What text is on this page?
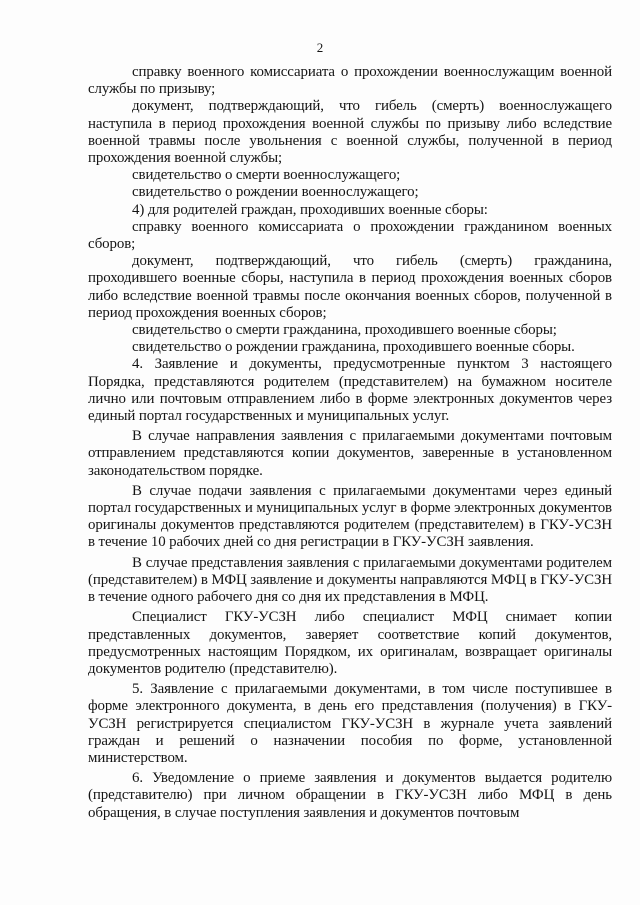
2

справку военного комиссариата о прохождении военнослужащим военной службы по призыву;

документ, подтверждающий, что гибель (смерть) военнослужащего наступила в период прохождения военной службы по призыву либо вследствие военной травмы после увольнения с военной службы, полученной в период прохождения военной службы;

свидетельство о смерти военнослужащего;

свидетельство о рождении военнослужащего;

4) для родителей граждан, проходивших военные сборы:

справку военного комиссариата о прохождении гражданином военных сборов;

документ, подтверждающий, что гибель (смерть) гражданина, проходившего военные сборы, наступила в период прохождения военных сборов либо вследствие военной травмы после окончания военных сборов, полученной в период прохождения военных сборов;

свидетельство о смерти гражданина, проходившего военные сборы;

свидетельство о рождении гражданина, проходившего военные сборы.

4. Заявление и документы, предусмотренные пунктом 3 настоящего Порядка, представляются родителем (представителем) на бумажном носителе лично или почтовым отправлением либо в форме электронных документов через единый портал государственных и муниципальных услуг.

В случае направления заявления с прилагаемыми документами почтовым отправлением представляются копии документов, заверенные в установленном законодательством порядке.

В случае подачи заявления с прилагаемыми документами через единый портал государственных и муниципальных услуг в форме электронных документов оригиналы документов представляются родителем (представителем) в ГКУ-УСЗН в течение 10 рабочих дней со дня регистрации в ГКУ-УСЗН заявления.

В случае представления заявления с прилагаемыми документами родителем (представителем) в МФЦ заявление и документы направляются МФЦ в ГКУ-УСЗН в течение одного рабочего дня со дня их представления в МФЦ.

Специалист ГКУ-УСЗН либо специалист МФЦ снимает копии представленных документов, заверяет соответствие копий документов, предусмотренных настоящим Порядком, их оригиналам, возвращает оригиналы документов родителю (представителю).

5. Заявление с прилагаемыми документами, в том числе поступившее в форме электронного документа, в день его представления (получения) в ГКУ-УСЗН регистрируется специалистом ГКУ-УСЗН в журнале учета заявлений граждан и решений о назначении пособия по форме, установленной министерством.

6. Уведомление о приеме заявления и документов выдается родителю (представителю) при личном обращении в ГКУ-УСЗН либо МФЦ в день обращения, в случае поступления заявления и документов почтовым
